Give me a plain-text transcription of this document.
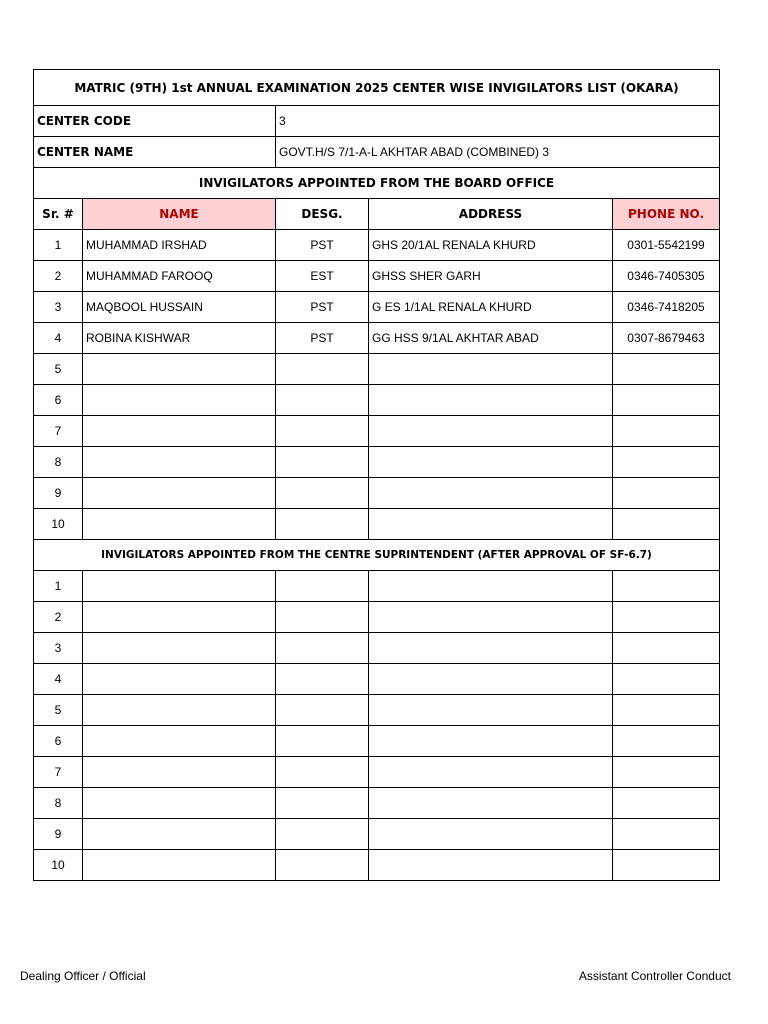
MATRIC (9TH) 1st ANNUAL EXAMINATION 2025 CENTER WISE INVIGILATORS LIST (OKARA)				
CENTER CODE		3		
CENTER NAME		GOVT.H/S 7/1-A-L AKHTAR ABAD (COMBINED) 3		
INVIGILATORS APPOINTED FROM THE BOARD OFFICE				
Sr. #	NAME	DESG.	ADDRESS	PHONE NO.
1	MUHAMMAD IRSHAD	PST	GHS 20/1AL RENALA KHURD	0301-5542199
2	MUHAMMAD FAROOQ	EST	GHSS SHER GARH	0346-7405305
3	MAQBOOL HUSSAIN	PST	G ES 1/1AL RENALA KHURD	0346-7418205
4	ROBINA KISHWAR	PST	GG HSS 9/1AL AKHTAR ABAD	0307-8679463
5				
6				
7				
8				
9				
10				
INVIGILATORS APPOINTED FROM THE CENTRE SUPRINTENDENT (AFTER APPROVAL OF SF-6.7)				
1				
2				
3				
4				
5				
6				
7				
8				
9				
10				
Dealing Officer / Official	Assistant Controller Conduct
